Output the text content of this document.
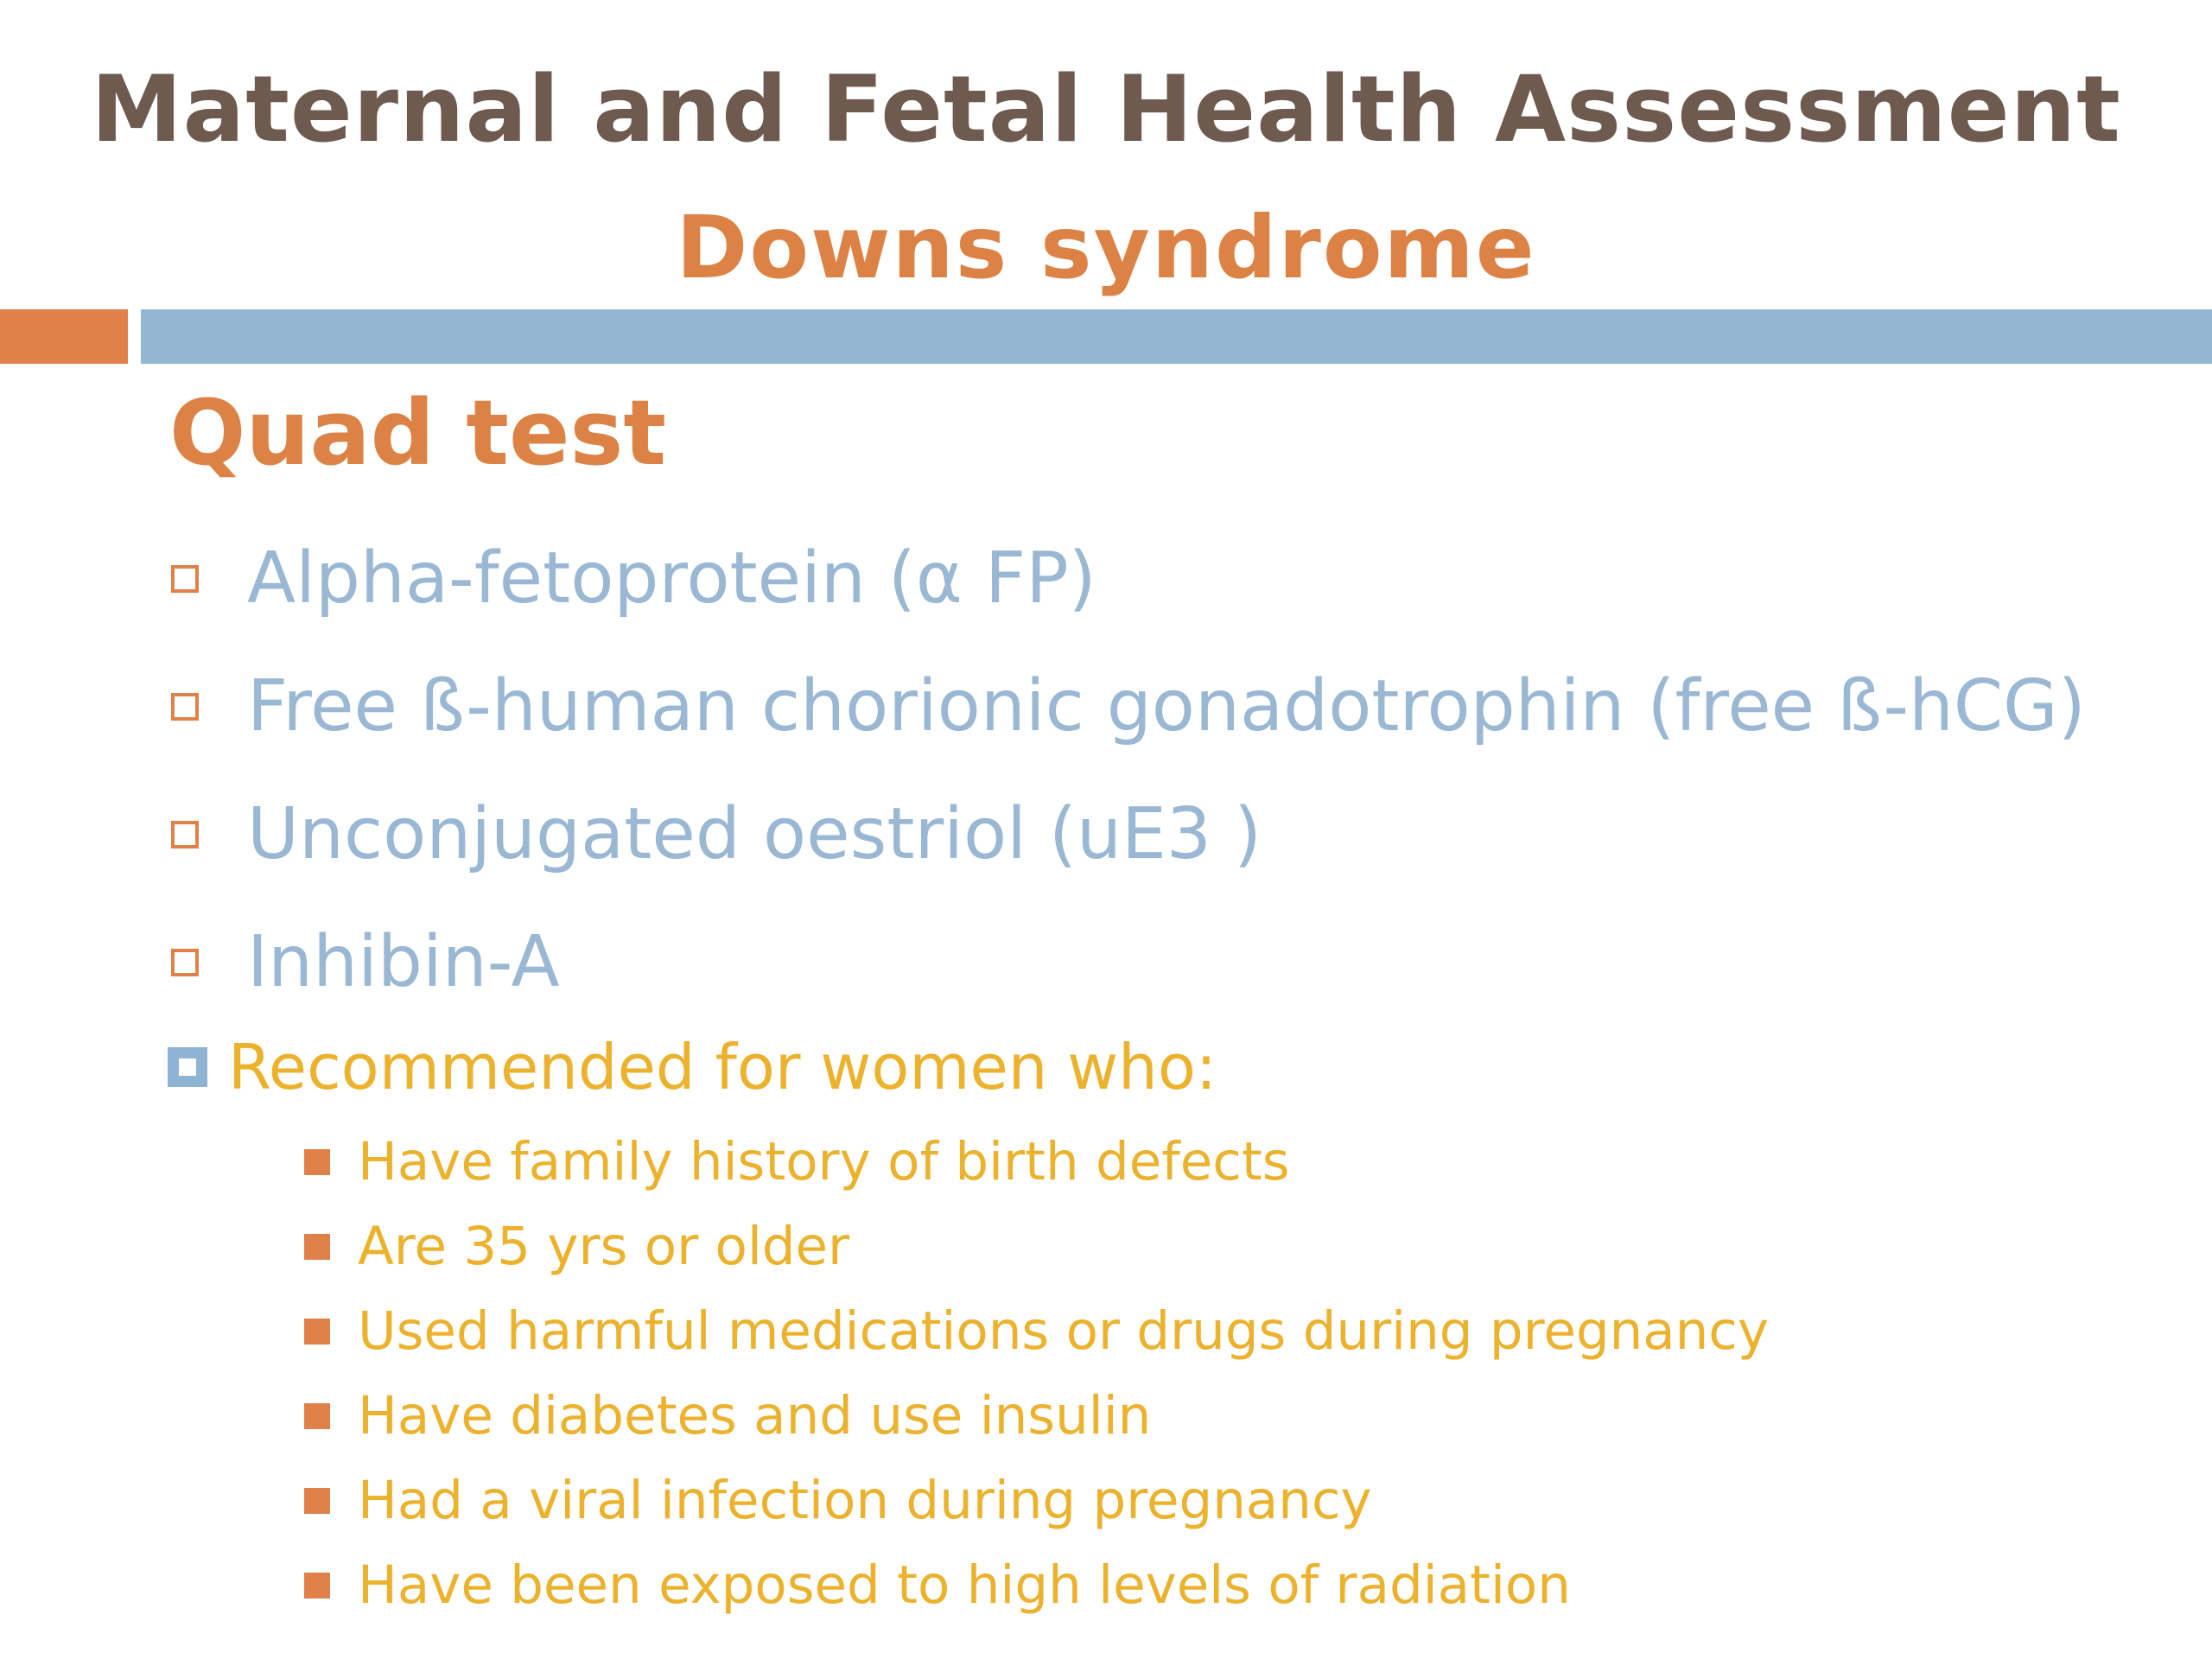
Maternal and Fetal Health Assessment
Downs syndrome
Quad test
Alpha-fetoprotein (α FP)
Free ß-human chorionic gonadotrophin (free ß-hCG)
Unconjugated oestriol (uE3 )
Inhibin-A
Recommended for women who:
Have family history of birth defects
Are 35 yrs or older
Used harmful medications or drugs during pregnancy
Have diabetes and use insulin
Had a viral infection during pregnancy
Have been exposed to high levels of radiation
